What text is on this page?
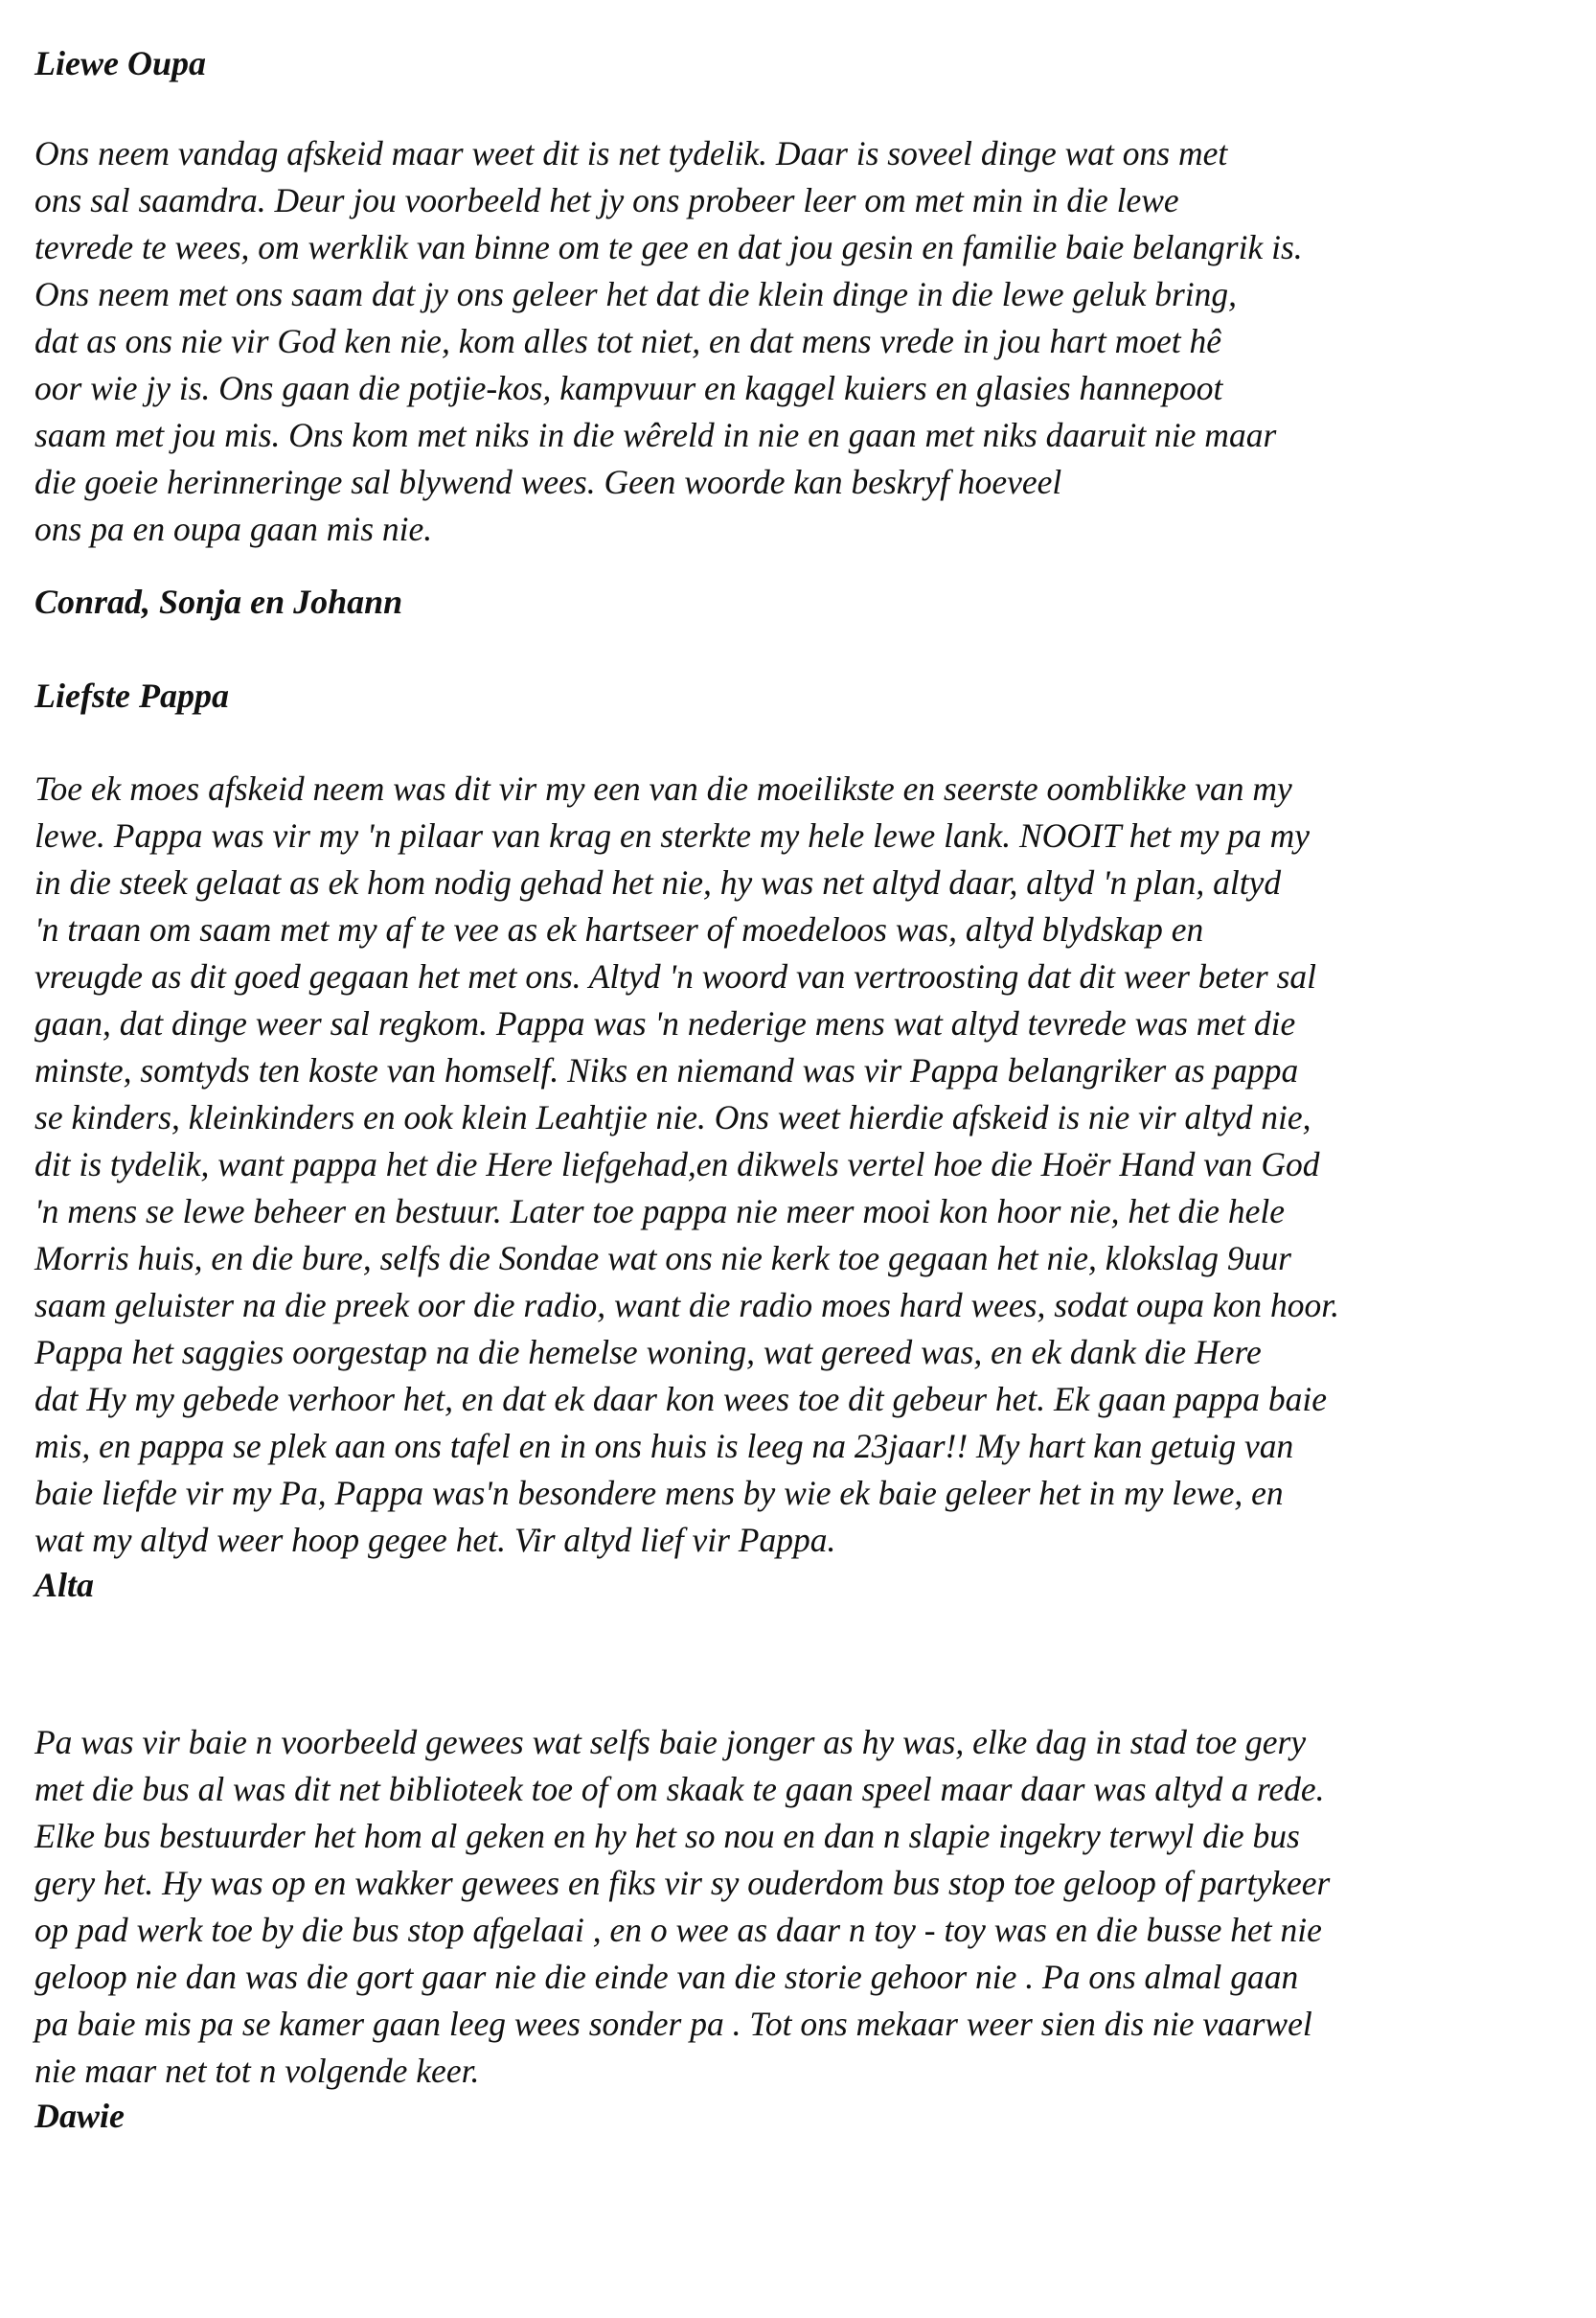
Liewe Oupa

Ons neem vandag afskeid maar weet dit is net tydelik. Daar is soveel dinge wat ons met
ons sal saamdra. Deur jou voorbeeld het jy ons probeer leer om met min in die lewe
tevrede te wees, om werklik van binne om te gee en dat jou gesin en familie baie belangrik is.
Ons neem met ons saam dat jy ons geleer het dat die klein dinge in die lewe geluk bring,
dat as ons nie vir God ken nie, kom alles tot niet, en dat mens vrede in jou hart moet hê
oor wie jy is. Ons gaan die potjie-kos, kampvuur en kaggel kuiers en glasies hannepoot
saam met jou mis. Ons kom met niks in die wêreld in nie en gaan met niks daaruit nie maar
die goeie herinneringe sal blywend wees. Geen woorde kan beskryf hoeveel
ons pa en oupa gaan mis nie.

Conrad, Sonja en Johann

Liefste Pappa

Toe ek moes afskeid neem was dit vir my een van die moeilikste en seerste oomblikke van my
lewe. Pappa was vir my 'n pilaar van krag en sterkte my hele lewe lank. NOOIT het my pa my
in die steek gelaat as ek hom nodig gehad het nie, hy was net altyd daar, altyd 'n plan, altyd
'n traan om saam met my af te vee as ek hartseer of moedeloos was, altyd blydskap en
vreugde as dit goed gegaan het met ons. Altyd 'n woord van vertroosting dat dit weer beter sal
gaan, dat dinge weer sal regkom. Pappa was 'n nederige mens wat altyd tevrede was met die
minste, somtyds ten koste van homself. Niks en niemand was vir Pappa belangriker as pappa
se kinders, kleinkinders en ook klein Leahtjie nie. Ons weet hierdie afskeid is nie vir altyd nie,
dit is tydelik, want pappa het die Here liefgehad,en dikwels vertel hoe die Hoër Hand van God
'n mens se lewe beheer en bestuur. Later toe pappa nie meer mooi kon hoor nie, het die hele
Morris huis, en die bure, selfs die Sondae wat ons nie kerk toe gegaan het nie, klokslag 9uur
saam geluister na die preek oor die radio, want die radio moes hard wees, sodat oupa kon hoor.
Pappa het saggies oorgestap na die hemelse woning, wat gereed was, en ek dank die Here
dat Hy my gebede verhoor het, en dat ek daar kon wees toe dit gebeur het. Ek gaan pappa baie
mis, en pappa se plek aan ons tafel en in ons huis is leeg na 23jaar!! My hart kan getuig van
baie liefde vir my Pa, Pappa was'n besondere mens by wie ek baie geleer het in my lewe, en
wat my altyd weer hoop gegee het. Vir altyd lief vir Pappa.

Alta

Pa was vir baie n voorbeeld gewees wat selfs baie jonger as hy was, elke dag in stad toe gery
met die bus al was dit net biblioteek toe of om skaak te gaan speel maar daar was altyd a rede.
Elke bus bestuurder het hom al geken en hy het so nou en dan n slapie ingekry terwyl die bus
gery het. Hy was op en wakker gewees en fiks vir sy ouderdom bus stop toe geloop of partykeer
op pad werk toe by die bus stop afgelaai , en o wee as daar n toy - toy was en die busse het nie
geloop nie dan was die gort gaar nie die einde van die storie gehoor nie . Pa ons almal gaan
pa baie mis pa se kamer gaan leeg wees sonder pa . Tot ons mekaar weer sien dis nie vaarwel
nie maar net tot n volgende keer.

Dawie
